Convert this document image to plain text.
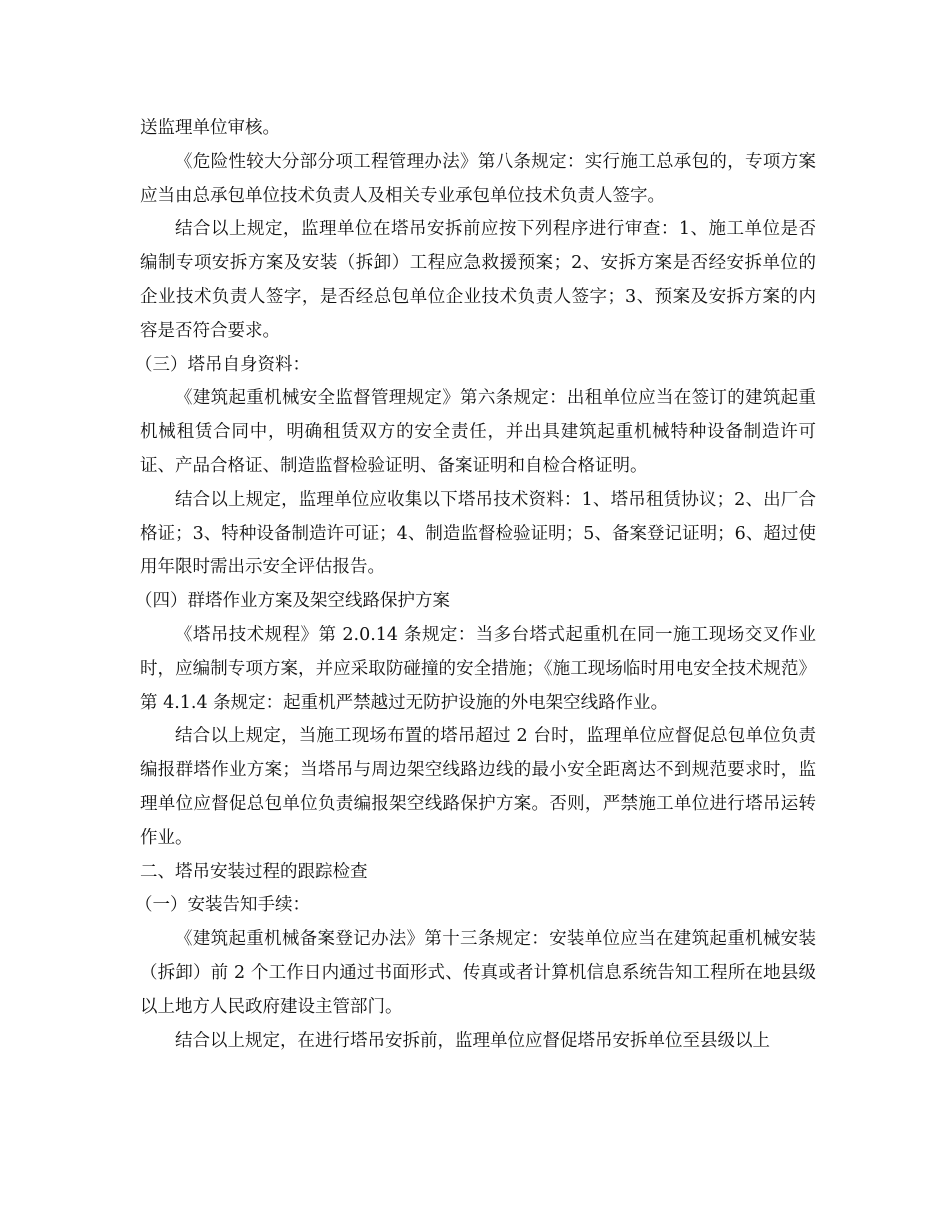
送监理单位审核。

《危险性较大分部分项工程管理办法》第八条规定：实行施工总承包的，专项方案应当由总承包单位技术负责人及相关专业承包单位技术负责人签字。

结合以上规定，监理单位在塔吊安拆前应按下列程序进行审查：1、施工单位是否编制专项安拆方案及安装（拆卸）工程应急救援预案；2、安拆方案是否经安拆单位的企业技术负责人签字，是否经总包单位企业技术负责人签字；3、预案及安拆方案的内容是否符合要求。

（三）塔吊自身资料：

《建筑起重机械安全监督管理规定》第六条规定：出租单位应当在签订的建筑起重机械租赁合同中，明确租赁双方的安全责任，并出具建筑起重机械特种设备制造许可证、产品合格证、制造监督检验证明、备案证明和自检合格证明。

结合以上规定，监理单位应收集以下塔吊技术资料：1、塔吊租赁协议；2、出厂合格证；3、特种设备制造许可证；4、制造监督检验证明；5、备案登记证明；6、超过使用年限时需出示安全评估报告。

（四）群塔作业方案及架空线路保护方案

《塔吊技术规程》第 2.0.14 条规定：当多台塔式起重机在同一施工现场交叉作业时，应编制专项方案，并应采取防碰撞的安全措施；《施工现场临时用电安全技术规范》第 4.1.4 条规定：起重机严禁越过无防护设施的外电架空线路作业。

结合以上规定，当施工现场布置的塔吊超过 2 台时，监理单位应督促总包单位负责编报群塔作业方案；当塔吊与周边架空线路边线的最小安全距离达不到规范要求时，监理单位应督促总包单位负责编报架空线路保护方案。否则，严禁施工单位进行塔吊运转作业。

二、塔吊安装过程的跟踪检查

（一）安装告知手续：

《建筑起重机械备案登记办法》第十三条规定：安装单位应当在建筑起重机械安装（拆卸）前 2 个工作日内通过书面形式、传真或者计算机信息系统告知工程所在地县级以上地方人民政府建设主管部门。

结合以上规定，在进行塔吊安拆前，监理单位应督促塔吊安拆单位至县级以上
